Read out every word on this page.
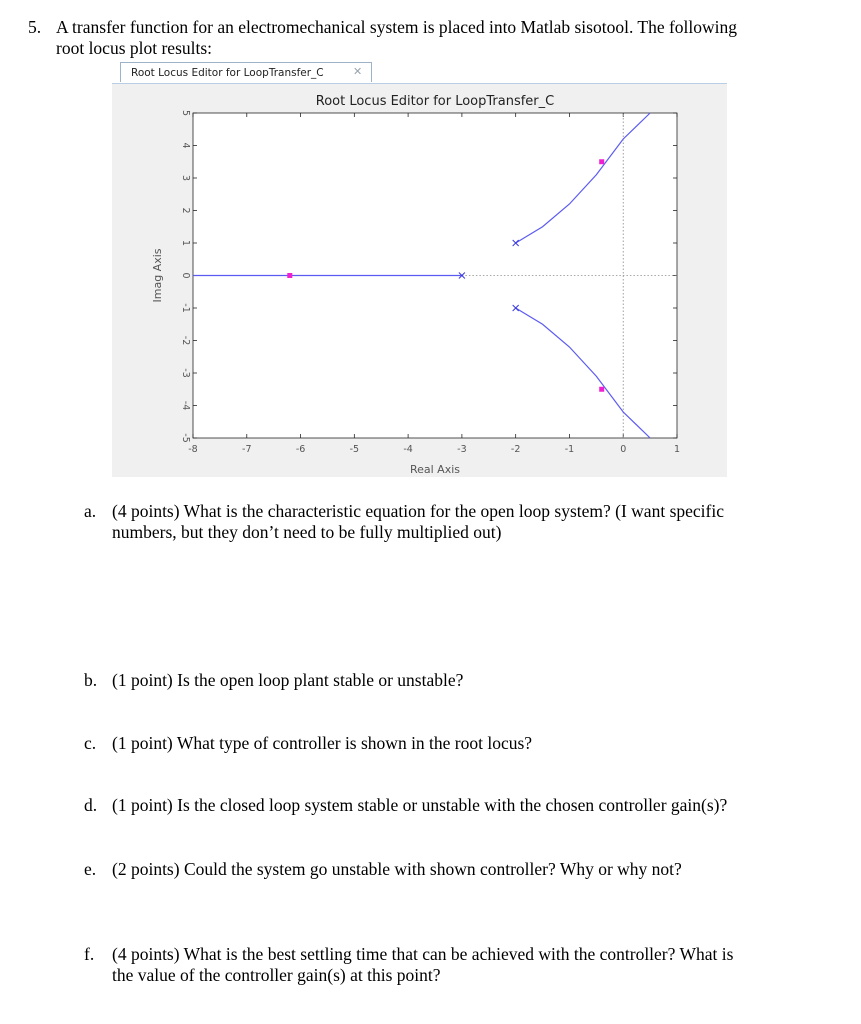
5. A transfer function for an electromechanical system is placed into Matlab sisotool. The following
root locus plot results:
Root Locus Editor for LoopTransfer_C	✕
Root Locus Editor for LoopTransfer_C
Real Axis
Imag Axis
-8	-7	-6	-5	-4	-3	-2	-1	0	1
-5
-4
-3
-2
-1
0
1
2
3
4
5
a. (4 points) What is the characteristic equation for the open loop system? (I want specific
numbers, but they don’t need to be fully multiplied out)
b. (1 point) Is the open loop plant stable or unstable?
c. (1 point) What type of controller is shown in the root locus?
d. (1 point) Is the closed loop system stable or unstable with the chosen controller gain(s)?
e. (2 points) Could the system go unstable with shown controller? Why or why not?
f. (4 points) What is the best settling time that can be achieved with the controller? What is
the value of the controller gain(s) at this point?
